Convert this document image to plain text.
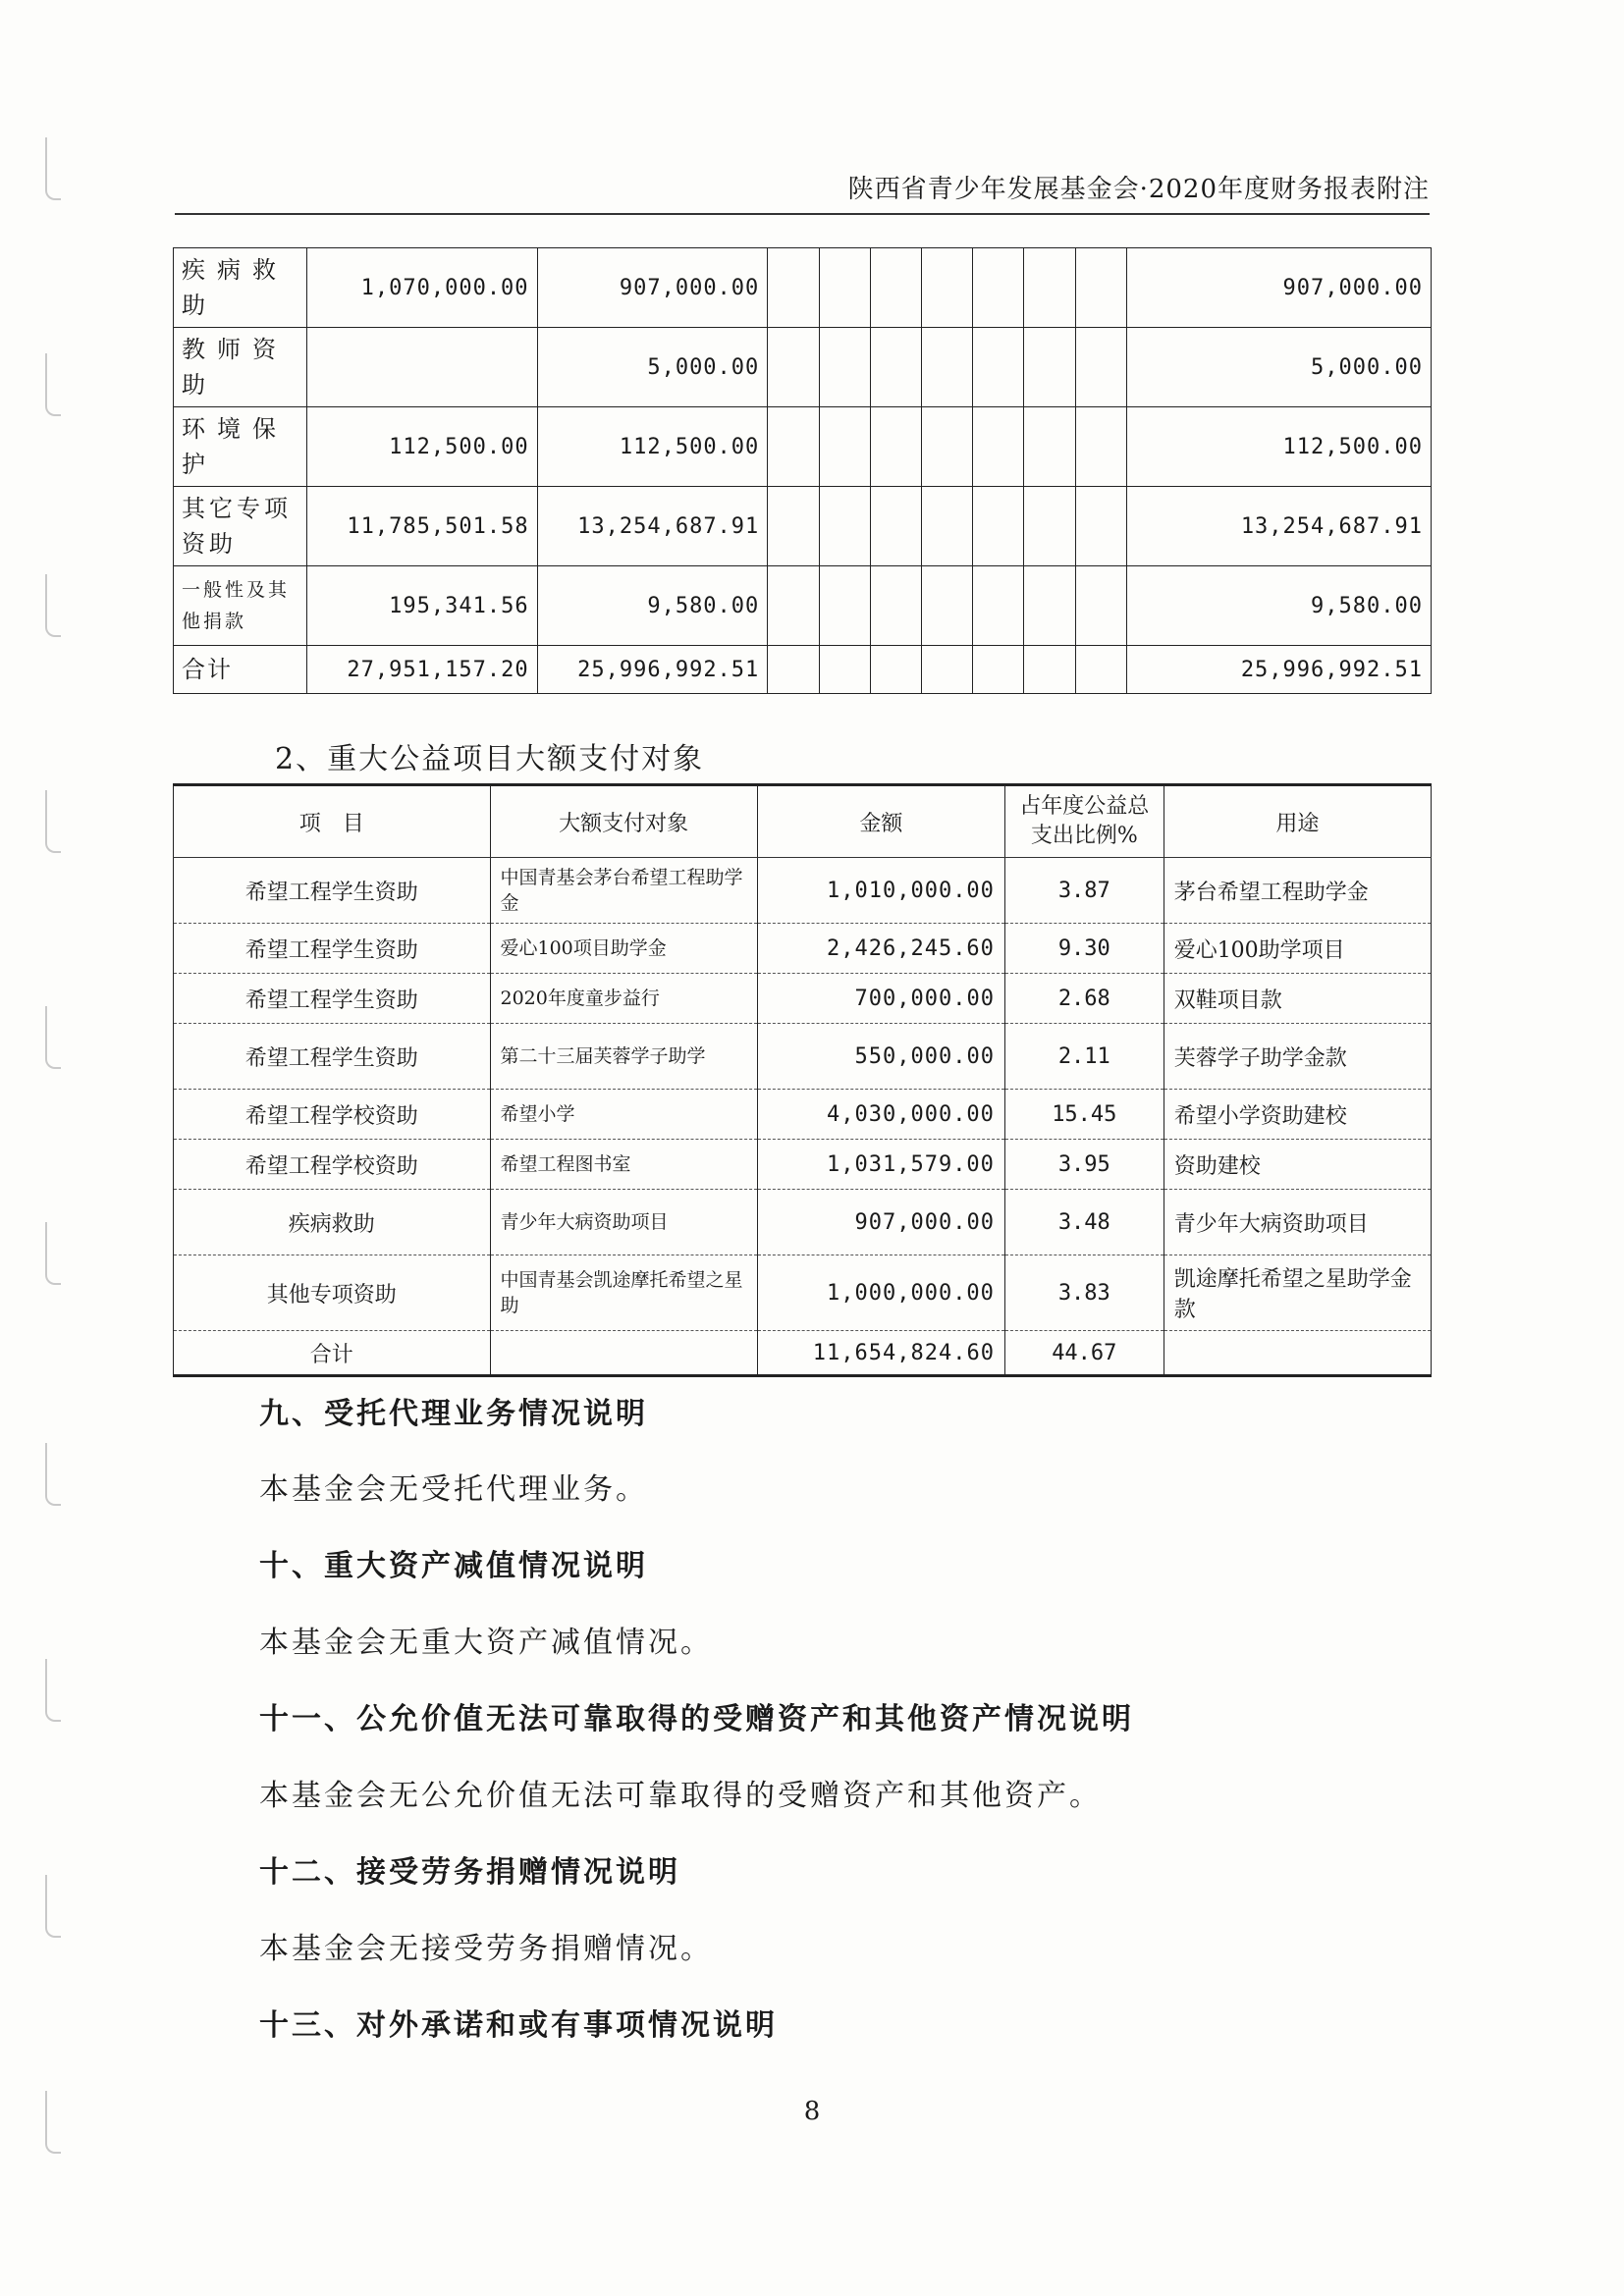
陕西省青少年发展基金会·2020年度财务报表附注
疾病救助	1,070,000.00	907,000.00								907,000.00
教师资助		5,000.00								5,000.00
环境保护	112,500.00	112,500.00								112,500.00
其它专项资助	11,785,501.58	13,254,687.91								13,254,687.91
一般性及其他捐款	195,341.56	9,580.00								9,580.00
合计	27,951,157.20	25,996,992.51								25,996,992.51
2、重大公益项目大额支付对象
项　目	大额支付对象	金额	占年度公益总支出比例%	用途
希望工程学生资助	中国青基会茅台希望工程助学金	1,010,000.00	3.87	茅台希望工程助学金
希望工程学生资助	爱心100项目助学金	2,426,245.60	9.30	爱心100助学项目
希望工程学生资助	2020年度童步益行	700,000.00	2.68	双鞋项目款
希望工程学生资助	第二十三届芙蓉学子助学	550,000.00	2.11	芙蓉学子助学金款
希望工程学校资助	希望小学	4,030,000.00	15.45	希望小学资助建校
希望工程学校资助	希望工程图书室	1,031,579.00	3.95	资助建校
疾病救助	青少年大病资助项目	907,000.00	3.48	青少年大病资助项目
其他专项资助	中国青基会凯途摩托希望之星助	1,000,000.00	3.83	凯途摩托希望之星助学金款
合计		11,654,824.60	44.67	
九、受托代理业务情况说明
本基金会无受托代理业务。
十、重大资产减值情况说明
本基金会无重大资产减值情况。
十一、公允价值无法可靠取得的受赠资产和其他资产情况说明
本基金会无公允价值无法可靠取得的受赠资产和其他资产。
十二、接受劳务捐赠情况说明
本基金会无接受劳务捐赠情况。
十三、对外承诺和或有事项情况说明
8
